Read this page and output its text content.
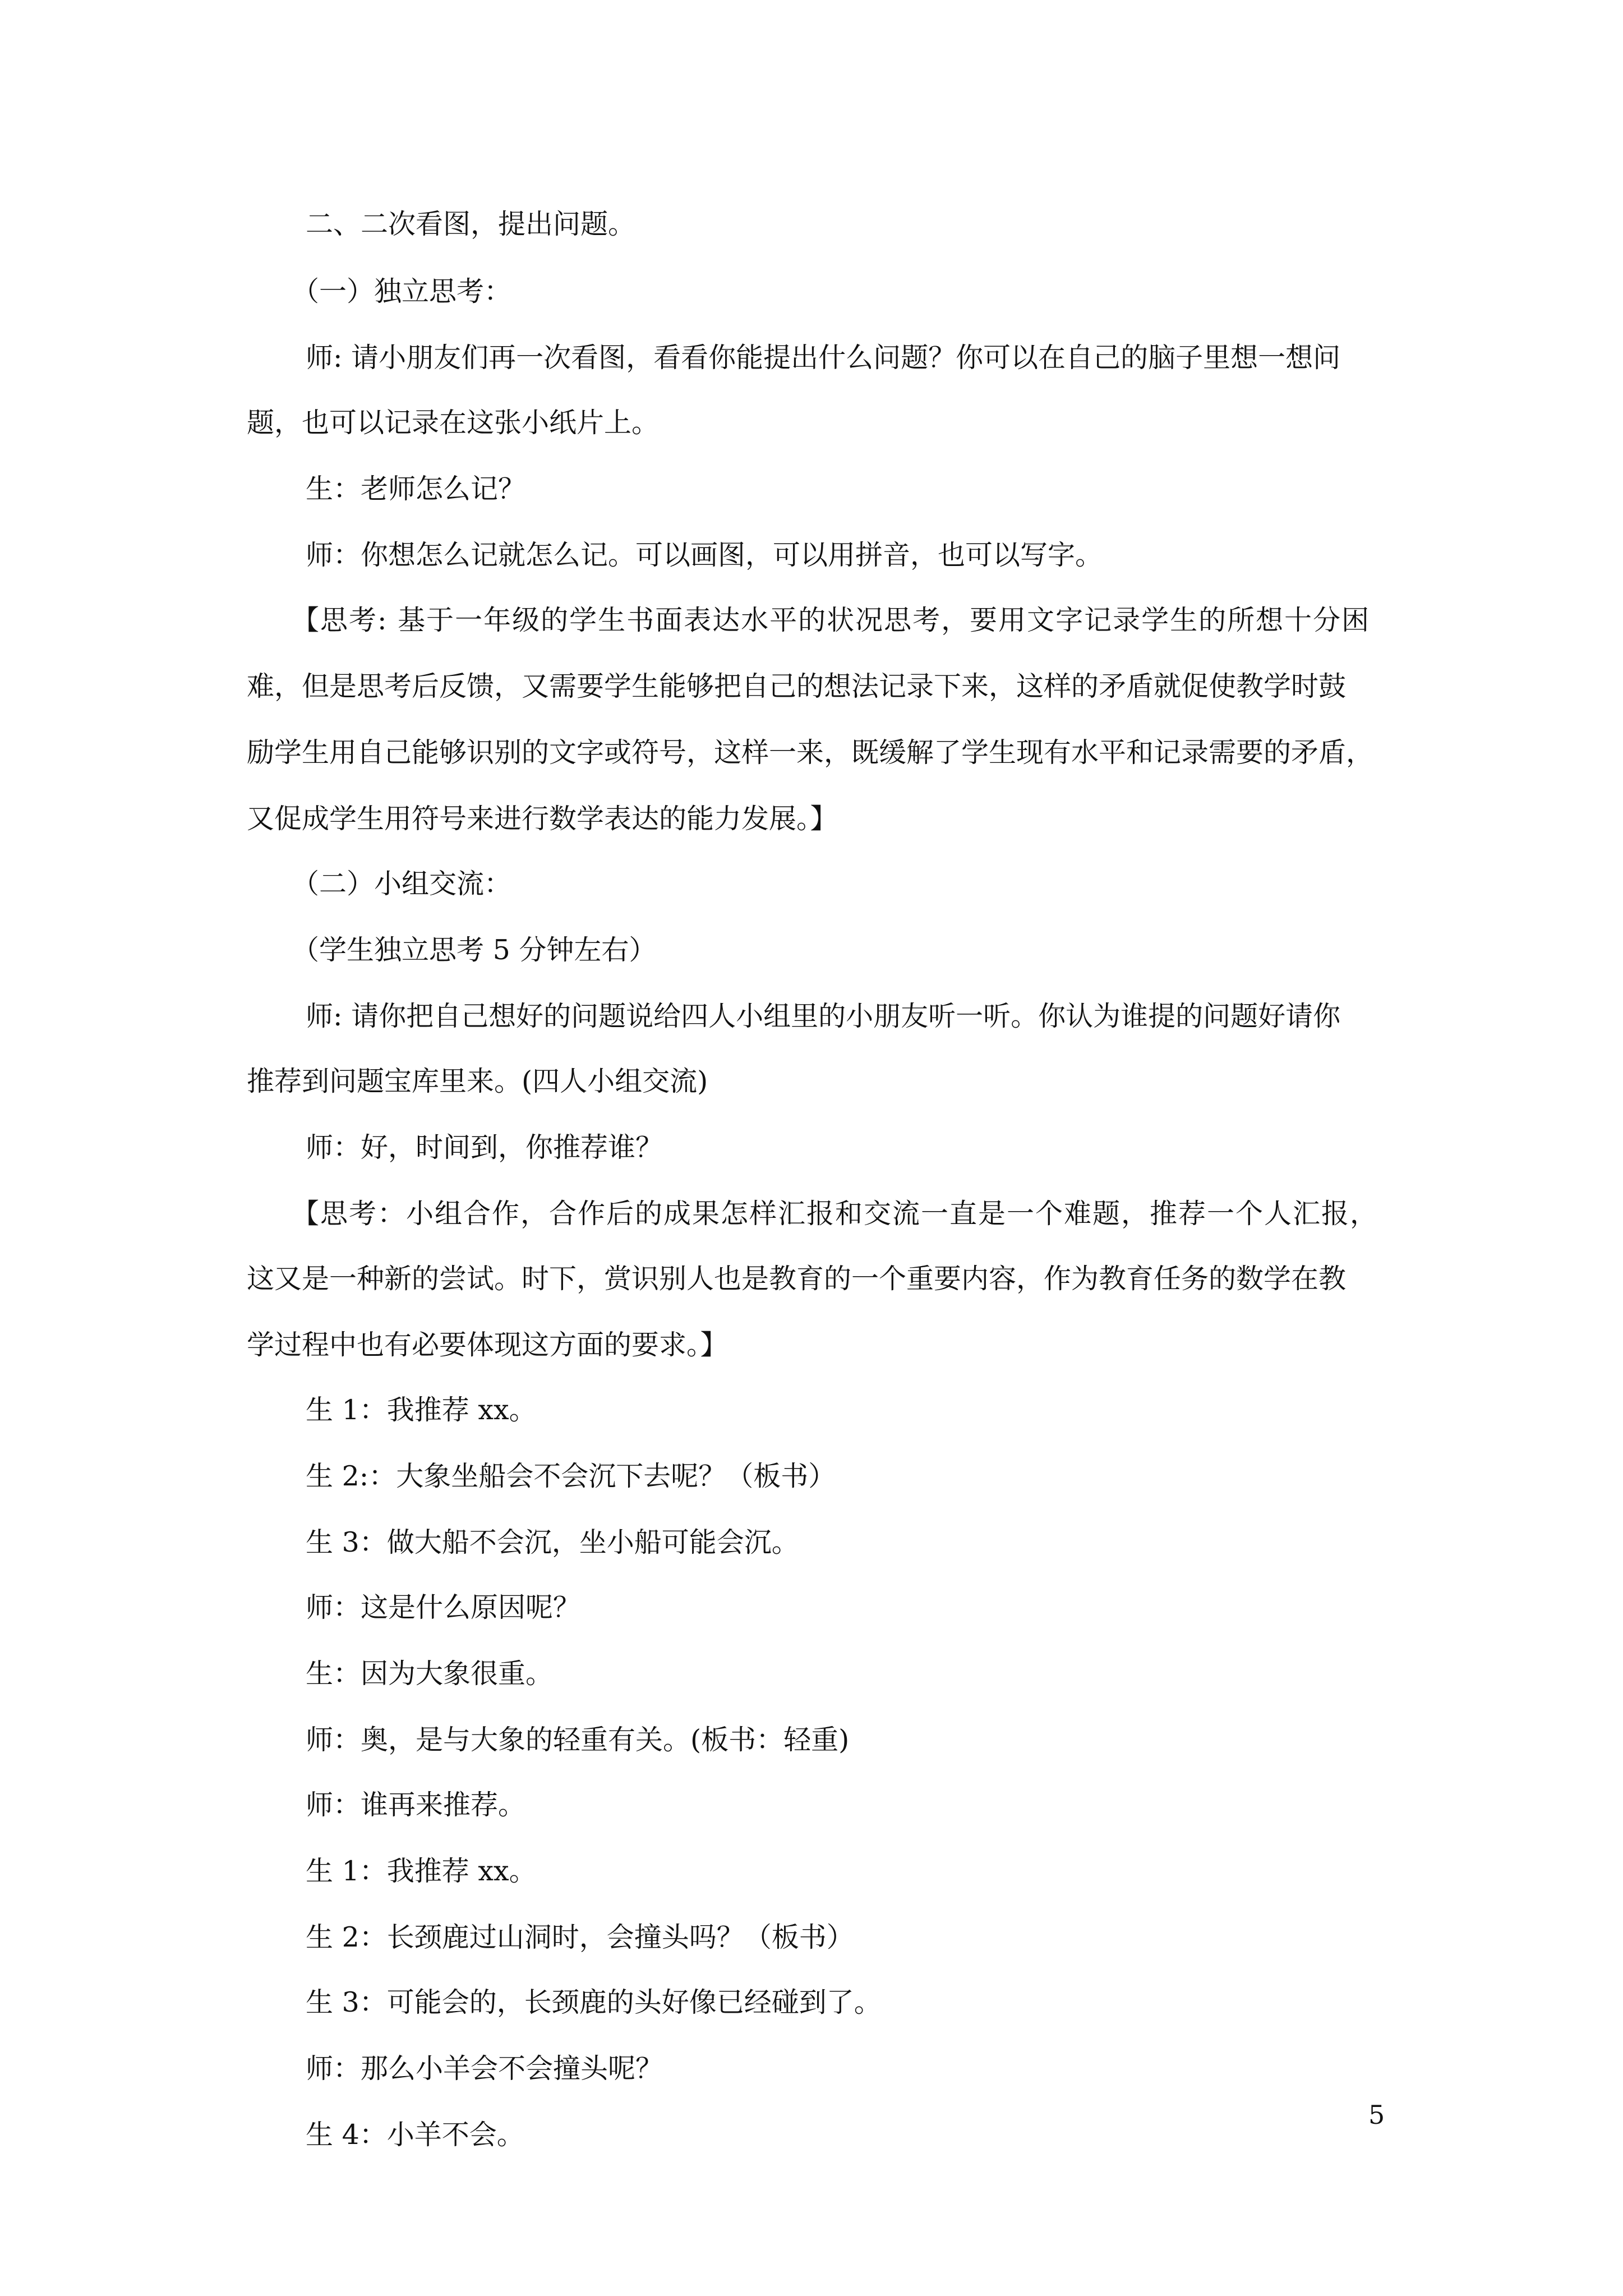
二、二次看图，提出问题。
（一）独立思考：
师: 请小朋友们再一次看图，看看你能提出什么问题？你可以在自己的脑子里想一想问
题，也可以记录在这张小纸片上。
生：老师怎么记？
师：你想怎么记就怎么记。可以画图，可以用拼音，也可以写字。
【思考: 基于一年级的学生书面表达水平的状况思考，要用文字记录学生的所想十分困
难，但是思考后反馈，又需要学生能够把自己的想法记录下来，这样的矛盾就促使教学时鼓
励学生用自己能够识别的文字或符号，这样一来，既缓解了学生现有水平和记录需要的矛盾，
又促成学生用符号来进行数学表达的能力发展。】
（二）小组交流：
（学生独立思考 5 分钟左右）
师: 请你把自己想好的问题说给四人小组里的小朋友听一听。你认为谁提的问题好请你
推荐到问题宝库里来。(四人小组交流)
师：好，时间到，你推荐谁？
【思考：小组合作，合作后的成果怎样汇报和交流一直是一个难题，推荐一个人汇报，
这又是一种新的尝试。时下，赏识别人也是教育的一个重要内容，作为教育任务的数学在教
学过程中也有必要体现这方面的要求。】
生 1：我推荐 xx。
生 2:：大象坐船会不会沉下去呢？（板书）
生 3：做大船不会沉，坐小船可能会沉。
师：这是什么原因呢？
生：因为大象很重。
师：奥，是与大象的轻重有关。(板书：轻重)
师：谁再来推荐。
生 1：我推荐 xx。
生 2：长颈鹿过山洞时，会撞头吗？（板书）
生 3：可能会的，长颈鹿的头好像已经碰到了。
师：那么小羊会不会撞头呢？
生 4：小羊不会。
5
